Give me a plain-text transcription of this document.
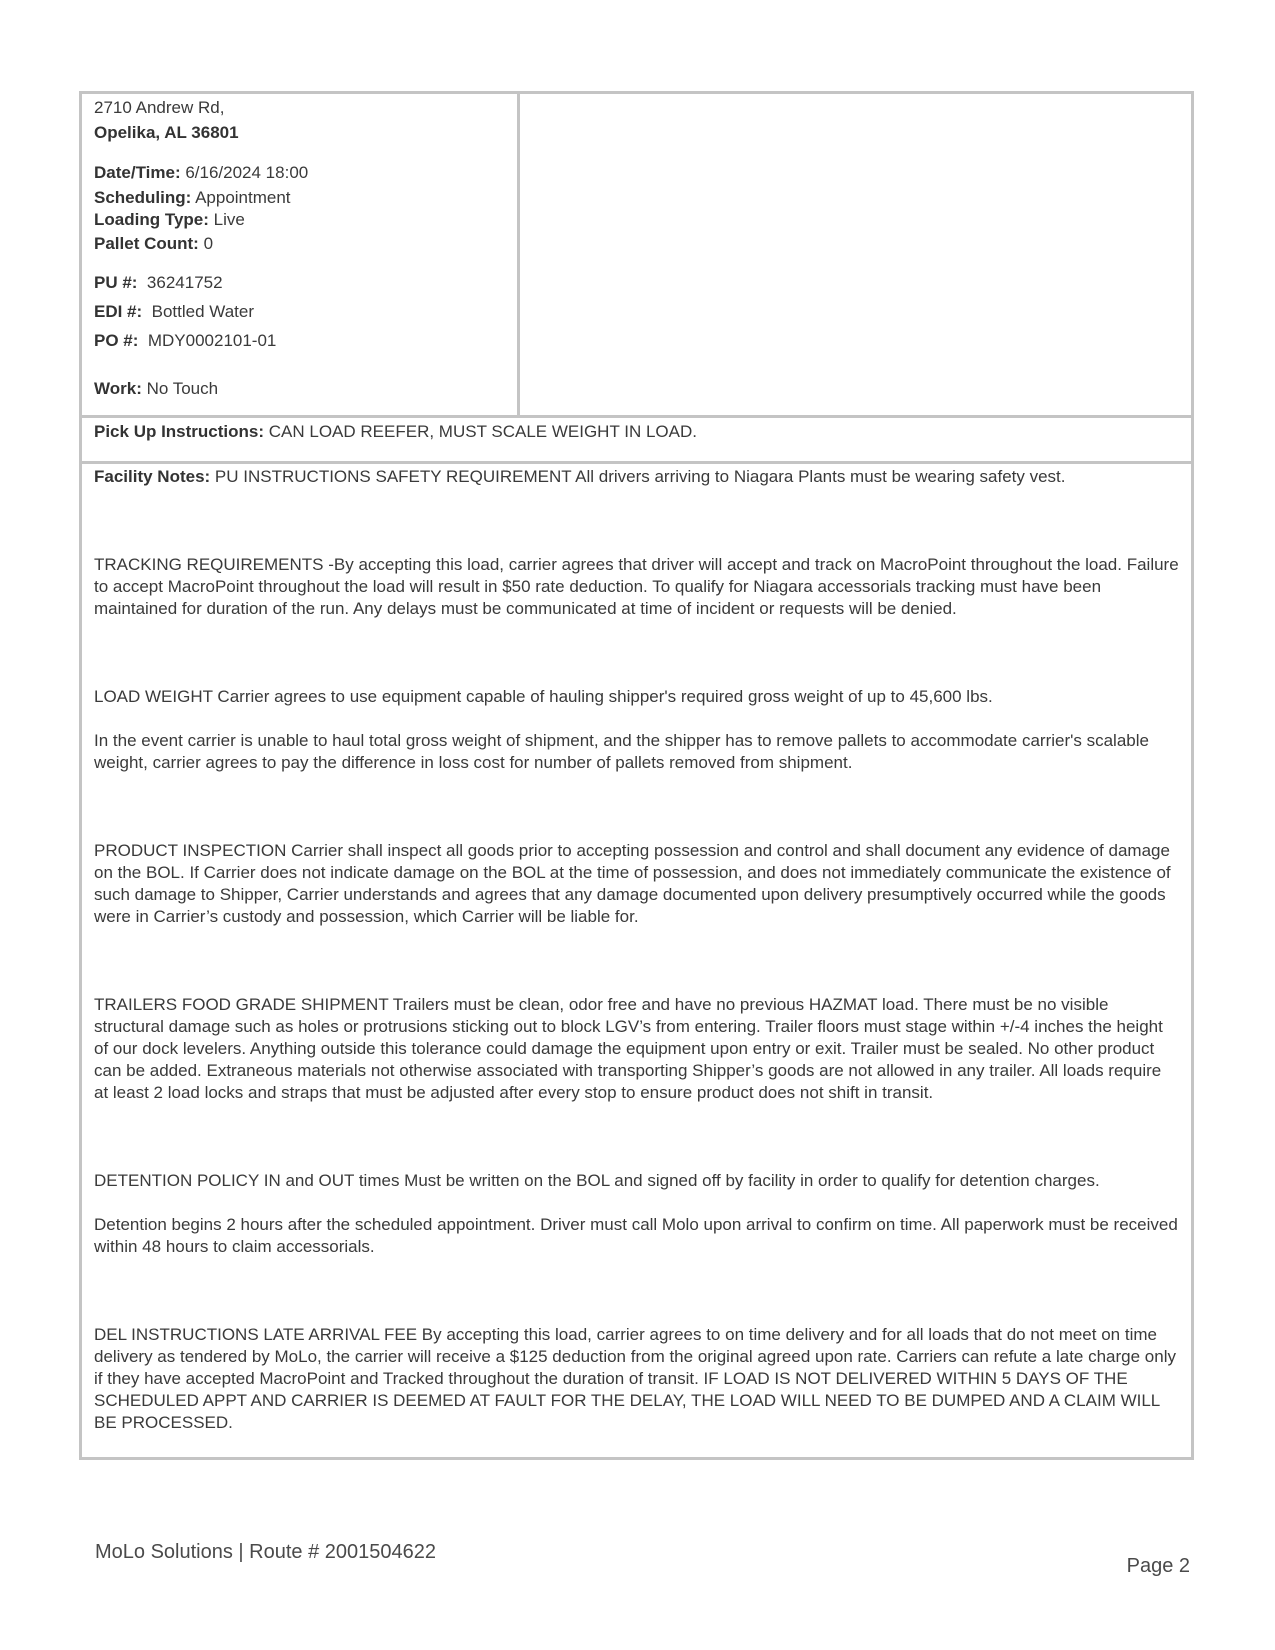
2710 Andrew Rd,
Opelika, AL 36801
Date/Time: 6/16/2024 18:00
Scheduling: Appointment
Loading Type: Live
Pallet Count: 0
PU #:  36241752
EDI #:  Bottled Water
PO #:  MDY0002101-01
Work: No Touch
Pick Up Instructions: CAN LOAD REEFER, MUST SCALE WEIGHT IN LOAD.

Facility Notes: PU INSTRUCTIONS SAFETY REQUIREMENT All drivers arriving to Niagara Plants must be wearing safety vest.

TRACKING REQUIREMENTS -By accepting this load, carrier agrees that driver will accept and track on MacroPoint throughout the load. Failure to accept MacroPoint throughout the load will result in $50 rate deduction. To qualify for Niagara accessorials tracking must have been maintained for duration of the run. Any delays must be communicated at time of incident or requests will be denied.

LOAD WEIGHT Carrier agrees to use equipment capable of hauling shipper's required gross weight of up to 45,600 lbs.

In the event carrier is unable to haul total gross weight of shipment, and the shipper has to remove pallets to accommodate carrier's scalable weight, carrier agrees to pay the difference in loss cost for number of pallets removed from shipment.

PRODUCT INSPECTION Carrier shall inspect all goods prior to accepting possession and control and shall document any evidence of damage on the BOL. If Carrier does not indicate damage on the BOL at the time of possession, and does not immediately communicate the existence of such damage to Shipper, Carrier understands and agrees that any damage documented upon delivery presumptively occurred while the goods were in Carrier’s custody and possession, which Carrier will be liable for.

TRAILERS FOOD GRADE SHIPMENT Trailers must be clean, odor free and have no previous HAZMAT load. There must be no visible structural damage such as holes or protrusions sticking out to block LGV’s from entering. Trailer floors must stage within +/-4 inches the height of our dock levelers. Anything outside this tolerance could damage the equipment upon entry or exit. Trailer must be sealed. No other product can be added. Extraneous materials not otherwise associated with transporting Shipper’s goods are not allowed in any trailer. All loads require at least 2 load locks and straps that must be adjusted after every stop to ensure product does not shift in transit.

DETENTION POLICY IN and OUT times Must be written on the BOL and signed off by facility in order to qualify for detention charges.

Detention begins 2 hours after the scheduled appointment. Driver must call Molo upon arrival to confirm on time. All paperwork must be received within 48 hours to claim accessorials.

DEL INSTRUCTIONS LATE ARRIVAL FEE By accepting this load, carrier agrees to on time delivery and for all loads that do not meet on time delivery as tendered by MoLo, the carrier will receive a $125 deduction from the original agreed upon rate. Carriers can refute a late charge only if they have accepted MacroPoint and Tracked throughout the duration of transit. IF LOAD IS NOT DELIVERED WITHIN 5 DAYS OF THE SCHEDULED APPT AND CARRIER IS DEEMED AT FAULT FOR THE DELAY, THE LOAD WILL NEED TO BE DUMPED AND A CLAIM WILL BE PROCESSED.

MoLo Solutions | Route # 2001504622
Page 2
